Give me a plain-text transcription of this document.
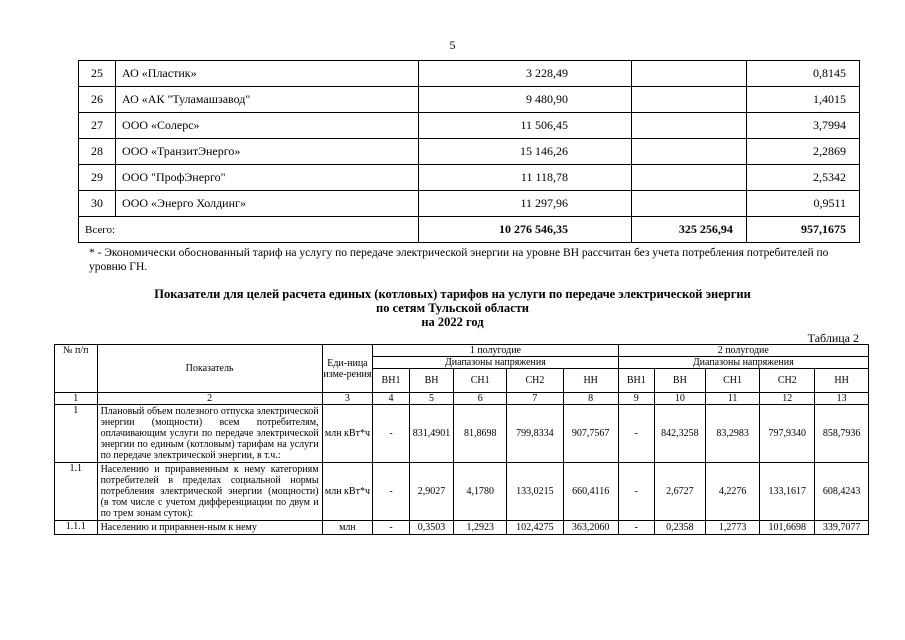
5
25	АО «Пластик»	3 228,49		0,8145
26	АО «АК "Туламашзавод"	9 480,90		1,4015
27	ООО «Солерс»	11 506,45		3,7994
28	ООО «ТранзитЭнерго»	15 146,26		2,2869
29	ООО "ПрофЭнерго"	11 118,78		2,5342
30	ООО «Энерго Холдинг»	11 297,96		0,9511
Всего:		10 276 546,35	325 256,94	957,1675
* - Экономически обоснованный тариф на услугу по передаче электрической энергии на уровне ВН рассчитан без учета потребления потребителей по уровню ГН.
Показатели для целей расчета единых (котловых) тарифов на услуги по передаче электрической энергии
по сетям Тульской области
на 2022 год
Таблица 2
№ п/п	Показатель	Еди-ница изме-рения	1 полугодие					2 полугодие				
			Диапазоны напряжения					Диапазоны напряжения				
			ВН1	ВН	СН1	СН2	НН	ВН1	ВН	СН1	СН2	НН
1	2	3	4	5	6	7	8	9	10	11	12	13
1	Плановый объем полезного отпуска электрической энергии (мощности) всем потребителям, оплачивающим услуги по передаче электрической энергии по единым (котловым) тарифам на услуги по передаче электрической энергии, в т.ч.:	млн кВт*ч	-	831,4901	81,8698	799,8334	907,7567	-	842,3258	83,2983	797,9340	858,7936
1.1	Населению и приравненным к нему категориям потребителей в пределах социальной нормы потребления электрической энергии (мощности) (в том числе с учетом дифференциации по двум и по трем зонам суток):	млн кВт*ч	-	2,9027	4,1780	133,0215	660,4116	-	2,6727	4,2276	133,1617	608,4243
1.1.1	Населению и приравнен-ным к нему	млн	-	0,3503	1,2923	102,4275	363,2060	-	0,2358	1,2773	101,6698	339,7077
